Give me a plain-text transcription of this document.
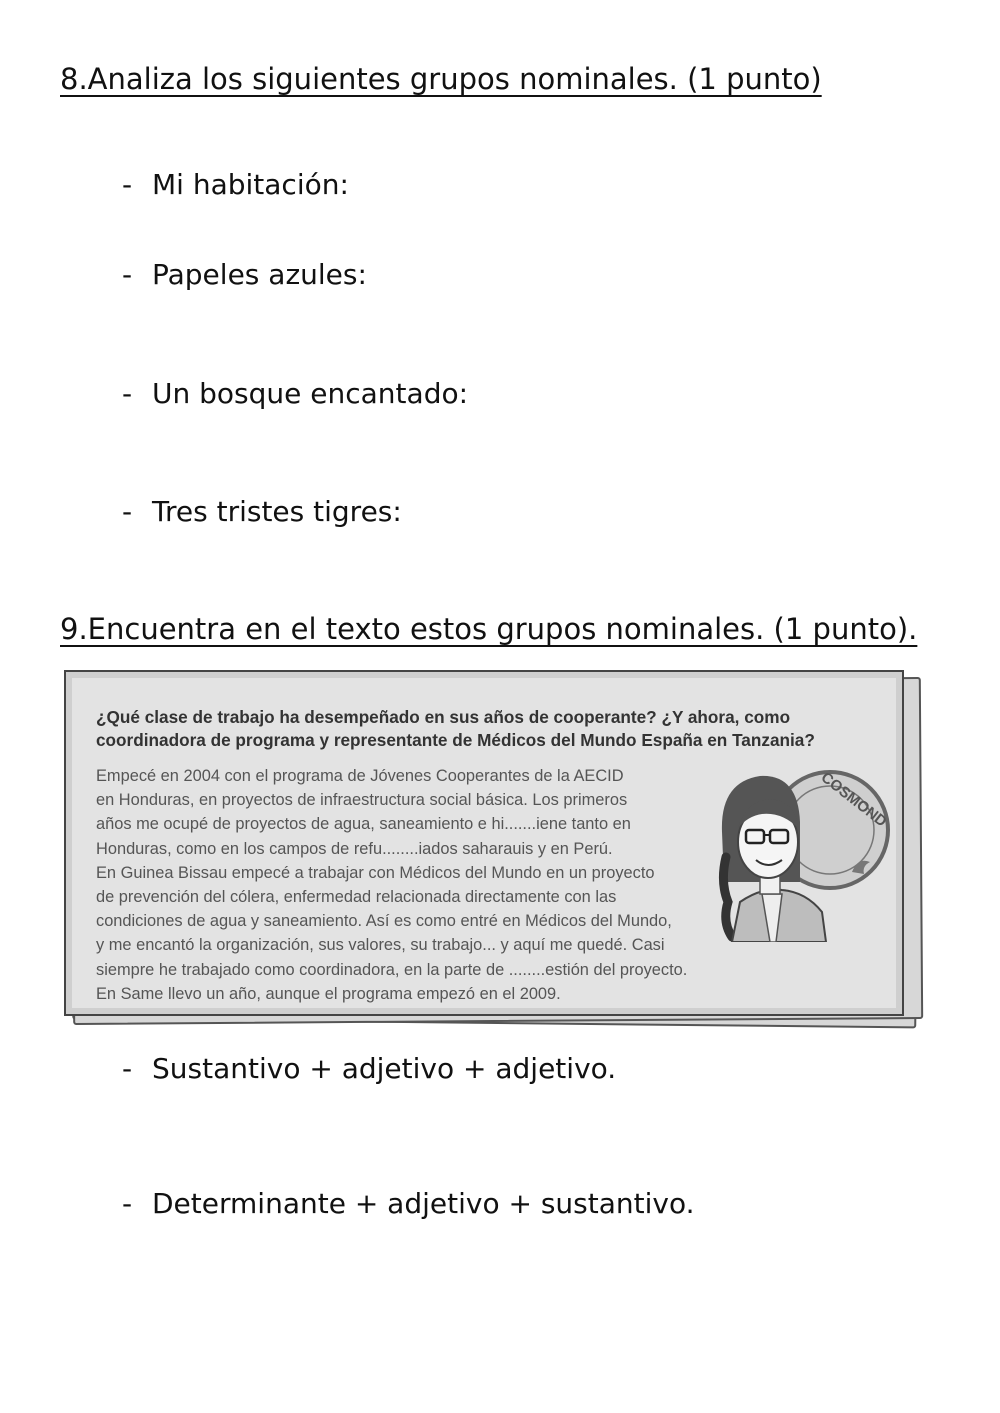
8.Analiza los siguientes grupos nominales. (1 punto)
- Mi habitación:
- Papeles azules:
- Un bosque encantado:
- Tres tristes tigres:
9.Encuentra en el texto estos grupos nominales. (1 punto).
¿Qué clase de trabajo ha desempeñado en sus años de cooperante? ¿Y ahora, como coordinadora de programa y representante de Médicos del Mundo España en Tanzania?
Empecé en 2004 con el programa de Jóvenes Cooperantes de la AECID
en Honduras, en proyectos de infraestructura social básica. Los primeros
años me ocupé de proyectos de agua, saneamiento e hi.......iene tanto en
Honduras, como en los campos de refu........iados saharauis y en Perú.
En Guinea Bissau empecé a trabajar con Médicos del Mundo en un proyecto
de prevención del cólera, enfermedad relacionada directamente con las
condiciones de agua y saneamiento. Así es como entré en Médicos del Mundo,
y me encantó la organización, sus valores, su trabajo... y aquí me quedé. Casi
siempre he trabajado como coordinadora, en la parte de ........estión del proyecto.
En Same llevo un año, aunque el programa empezó en el 2009.
COSMOND
- Sustantivo + adjetivo + adjetivo.
- Determinante + adjetivo + sustantivo.
